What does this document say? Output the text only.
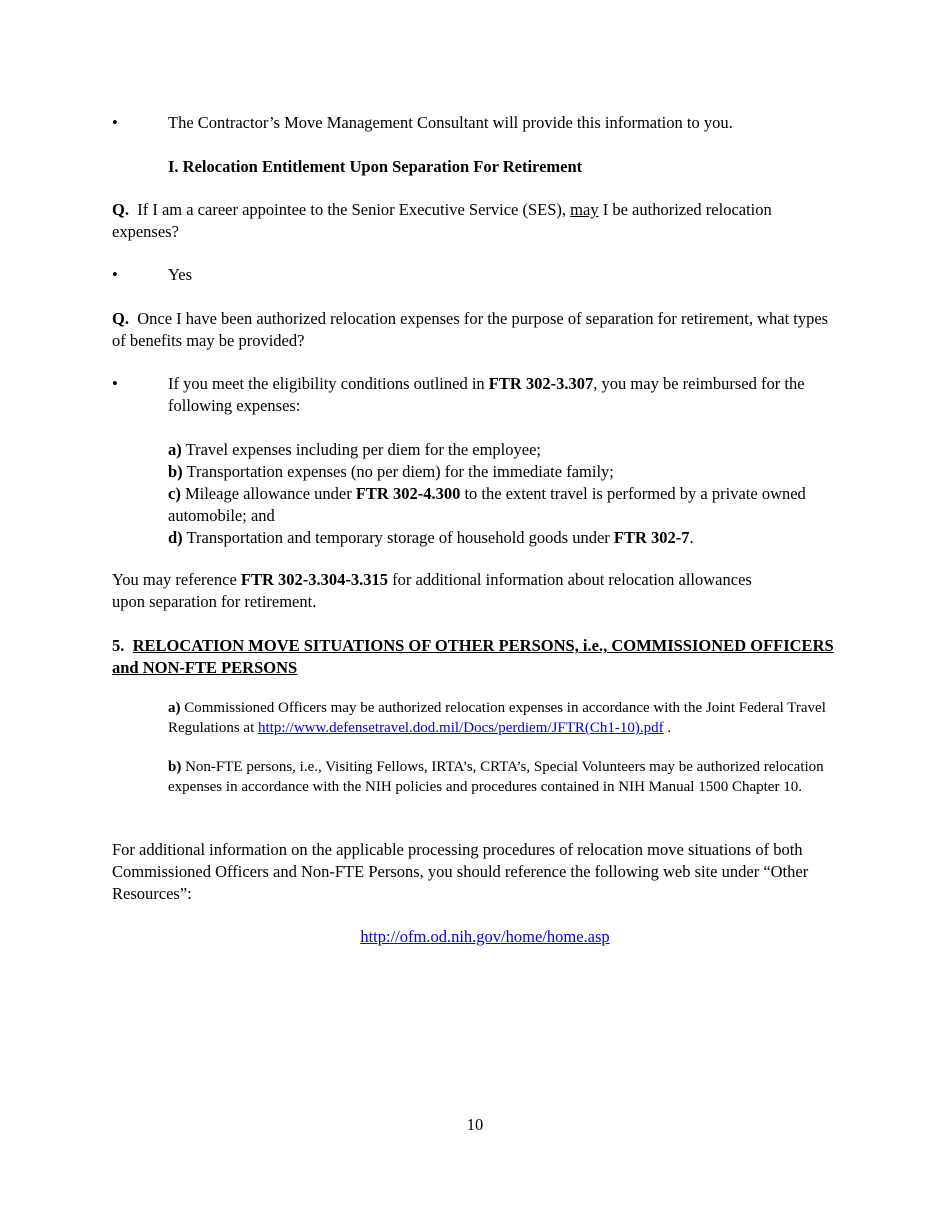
•	The Contractor’s Move Management Consultant will provide this information to you.

I. Relocation Entitlement Upon Separation For Retirement

Q. If I am a career appointee to the Senior Executive Service (SES), may I be authorized relocation expenses?

•	Yes

Q. Once I have been authorized relocation expenses for the purpose of separation for retirement, what types of benefits may be provided?

•	If you meet the eligibility conditions outlined in FTR 302-3.307, you may be reimbursed for the following expenses:
a) Travel expenses including per diem for the employee;
b) Transportation expenses (no per diem) for the immediate family;
c) Mileage allowance under FTR 302-4.300 to the extent travel is performed by a private owned automobile; and
d) Transportation and temporary storage of household goods under FTR 302-7.

You may reference FTR 302-3.304-3.315 for additional information about relocation allowances upon separation for retirement.

5. RELOCATION MOVE SITUATIONS OF OTHER PERSONS, i.e., COMMISSIONED OFFICERS and NON-FTE PERSONS

a) Commissioned Officers may be authorized relocation expenses in accordance with the Joint Federal Travel Regulations at http://www.defensetravel.dod.mil/Docs/perdiem/JFTR(Ch1-10).pdf .

b) Non-FTE persons, i.e., Visiting Fellows, IRTA’s, CRTA’s, Special Volunteers may be authorized relocation expenses in accordance with the NIH policies and procedures contained in NIH Manual 1500 Chapter 10.

For additional information on the applicable processing procedures of relocation move situations of both Commissioned Officers and Non-FTE Persons, you should reference the following web site under “Other Resources”:

http://ofm.od.nih.gov/home/home.asp
10
